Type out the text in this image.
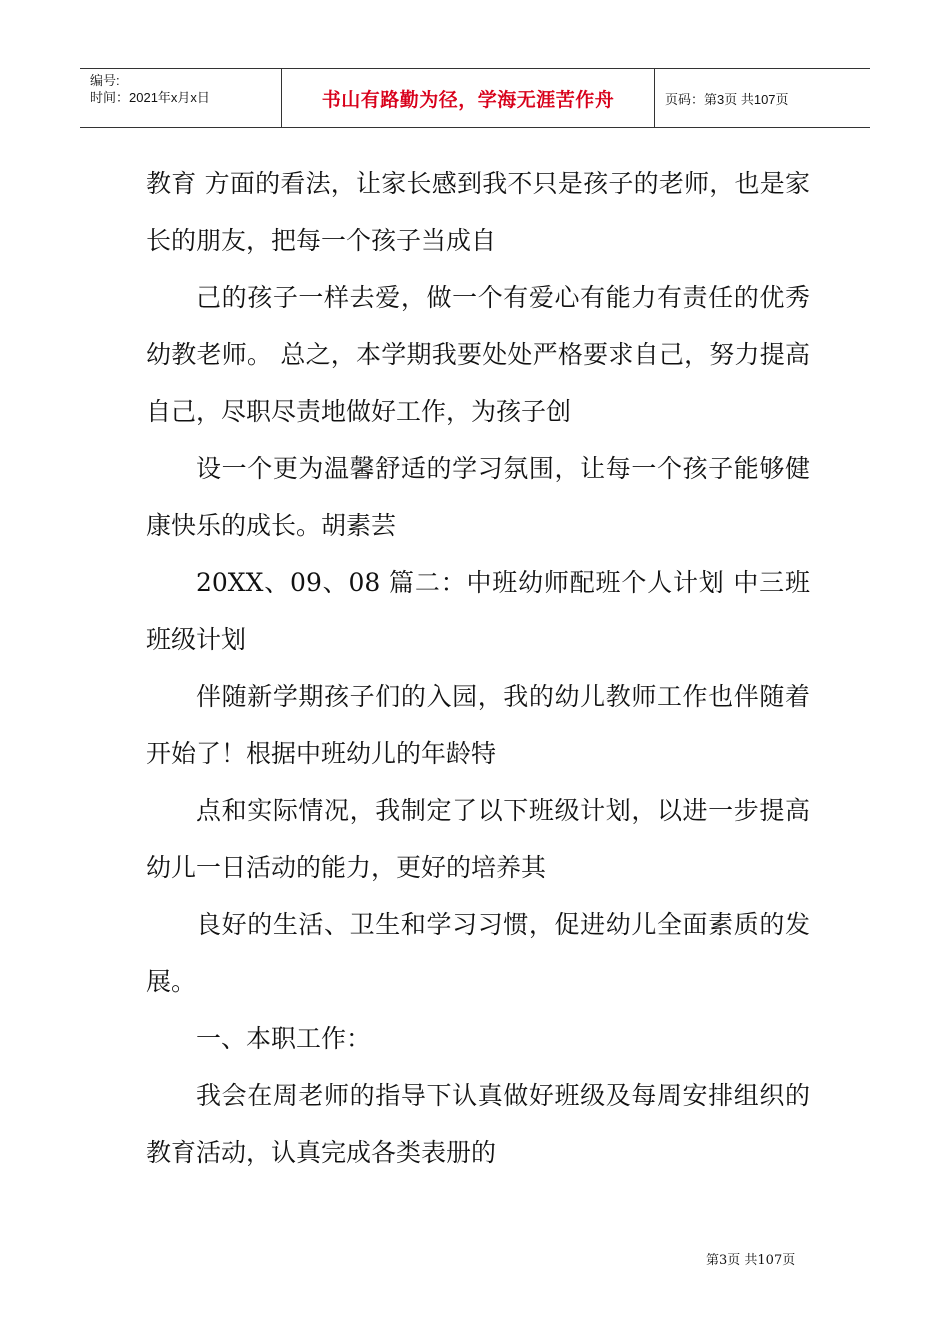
编号:
时间：2021年x月x日	书山有路勤为径，学海无涯苦作舟	页码：第3页 共107页

教育 方面的看法，让家长感到我不只是孩子的老师，也是家长的朋友，把每一个孩子当成自

己的孩子一样去爱，做一个有爱心有能力有责任的优秀幼教老师。 总之，本学期我要处处严格要求自己，努力提高自己，尽职尽责地做好工作，为孩子创

设一个更为温馨舒适的学习氛围，让每一个孩子能够健康快乐的成长。胡素芸

20XX、09、08 篇二：中班幼师配班个人计划 中三班班级计划

伴随新学期孩子们的入园，我的幼儿教师工作也伴随着开始了！根据中班幼儿的年龄特

点和实际情况，我制定了以下班级计划，以进一步提高幼儿一日活动的能力，更好的培养其

良好的生活、卫生和学习习惯，促进幼儿全面素质的发展。

一、本职工作：

我会在周老师的指导下认真做好班级及每周安排组织的教育活动，认真完成各类表册的

第3页 共107页
